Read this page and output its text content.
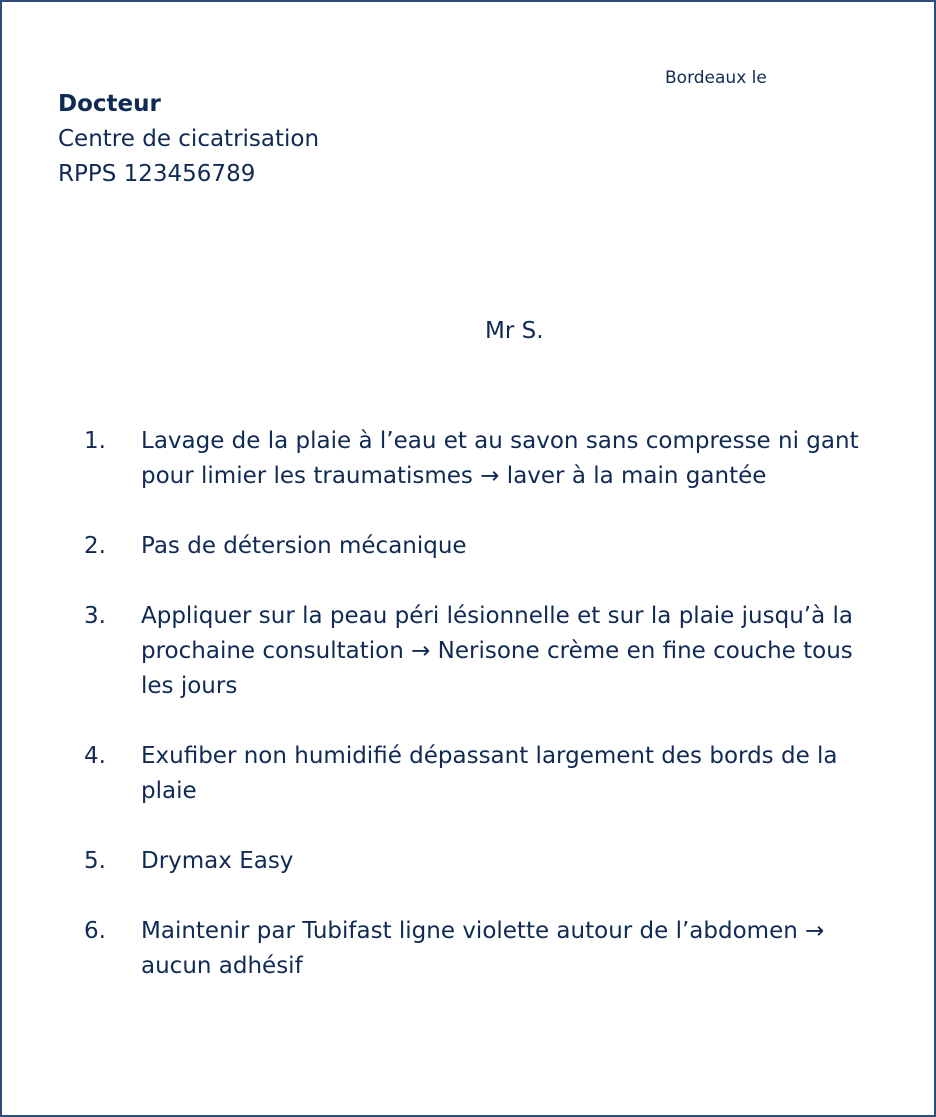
Bordeaux le
Docteur
Centre de cicatrisation
RPPS 123456789
Mr S.
1. Lavage de la plaie à l’eau et au savon sans compresse ni gant pour limier les traumatismes → laver à la main gantée
2. Pas de détersion mécanique
3. Appliquer sur la peau péri lésionnelle et sur la plaie jusqu’à la prochaine consultation → Nerisone crème en fine couche tous les jours
4. Exufiber non humidifié dépassant largement des bords de la plaie
5. Drymax Easy
6. Maintenir par Tubifast ligne violette autour de l’abdomen → aucun adhésif
